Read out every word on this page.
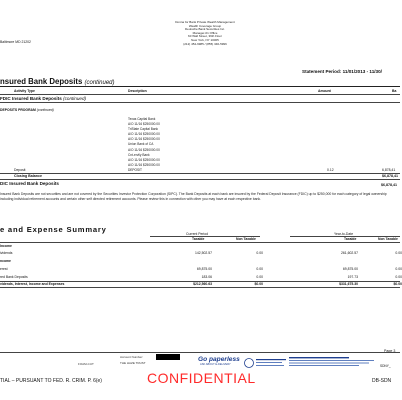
Donna for Bank Private Wealth Management
Wealth Coverage Group
Deutsche Bank Securities Inc.
Manager-01 Office
60 Wall Street, 39th Floor
New York, NY 10005
(212) 454-9985 / (855) 346-5996
Baltimore MD 21202
Statement Period: 11/01/2013 - 11/30/
nsured Bank Deposits (continued)
Activity Type	Description	Amount	Ba
FDIC Insured Bank Deposits (continued)
DEPOSITS PROGRAM (continued)
Texas Capital Bank
A/O 11/16 $250000.00
TriState Capital Bank
A/O 11/16 $250000.00
A/O 11/16 $250000.00
Union Bank of CA
A/O 11/16 $250000.00
Cnt-ervlly Bank
A/O 11/16 $250000.00
A/O 11/16 $250000.00
Deposit	DEPOSIT	0.12	6,878,41
Closing Balance	$6,878,41
DIC Insured Bank Deposits	$6,878,41
Insured Bank Deposits are not securities and are not covered by the Securities Investor Protection Corporation (SIPC). The Bank Deposits at each bank are insured by the Federal Deposit Insurance (FDIC) up to $250,000 for each category of legal ownership including individual retirement accounts and certain other self directed retirement accounts. Please review this in connection with other you may have at each respective bank.
e and Expense Summary	Current Period	Year-to-Date
Taxable	Non Taxable	Taxable	Non Taxable
Income
ividends	142,502.57	0.00	261,602.57	0.00
ncome
erest	69,875.00	0.00	69,875.00	0.00
red Bank Deposits	183.06	0.00	197.73	0.00
vidends, Interest, Income and Expenses	$212,560.63	$0.00	$331,675.30	$0.00
Page 3
FOAM-CUT
Account Number:
THE HAZE TRUST	Go paperless
ASK ABOUT E-DELIVERY	SDNY_
CONFIDENTIAL
TIAL – PURSUANT TO FED. R. CRIM. P. 6(e)	DB-SDN
